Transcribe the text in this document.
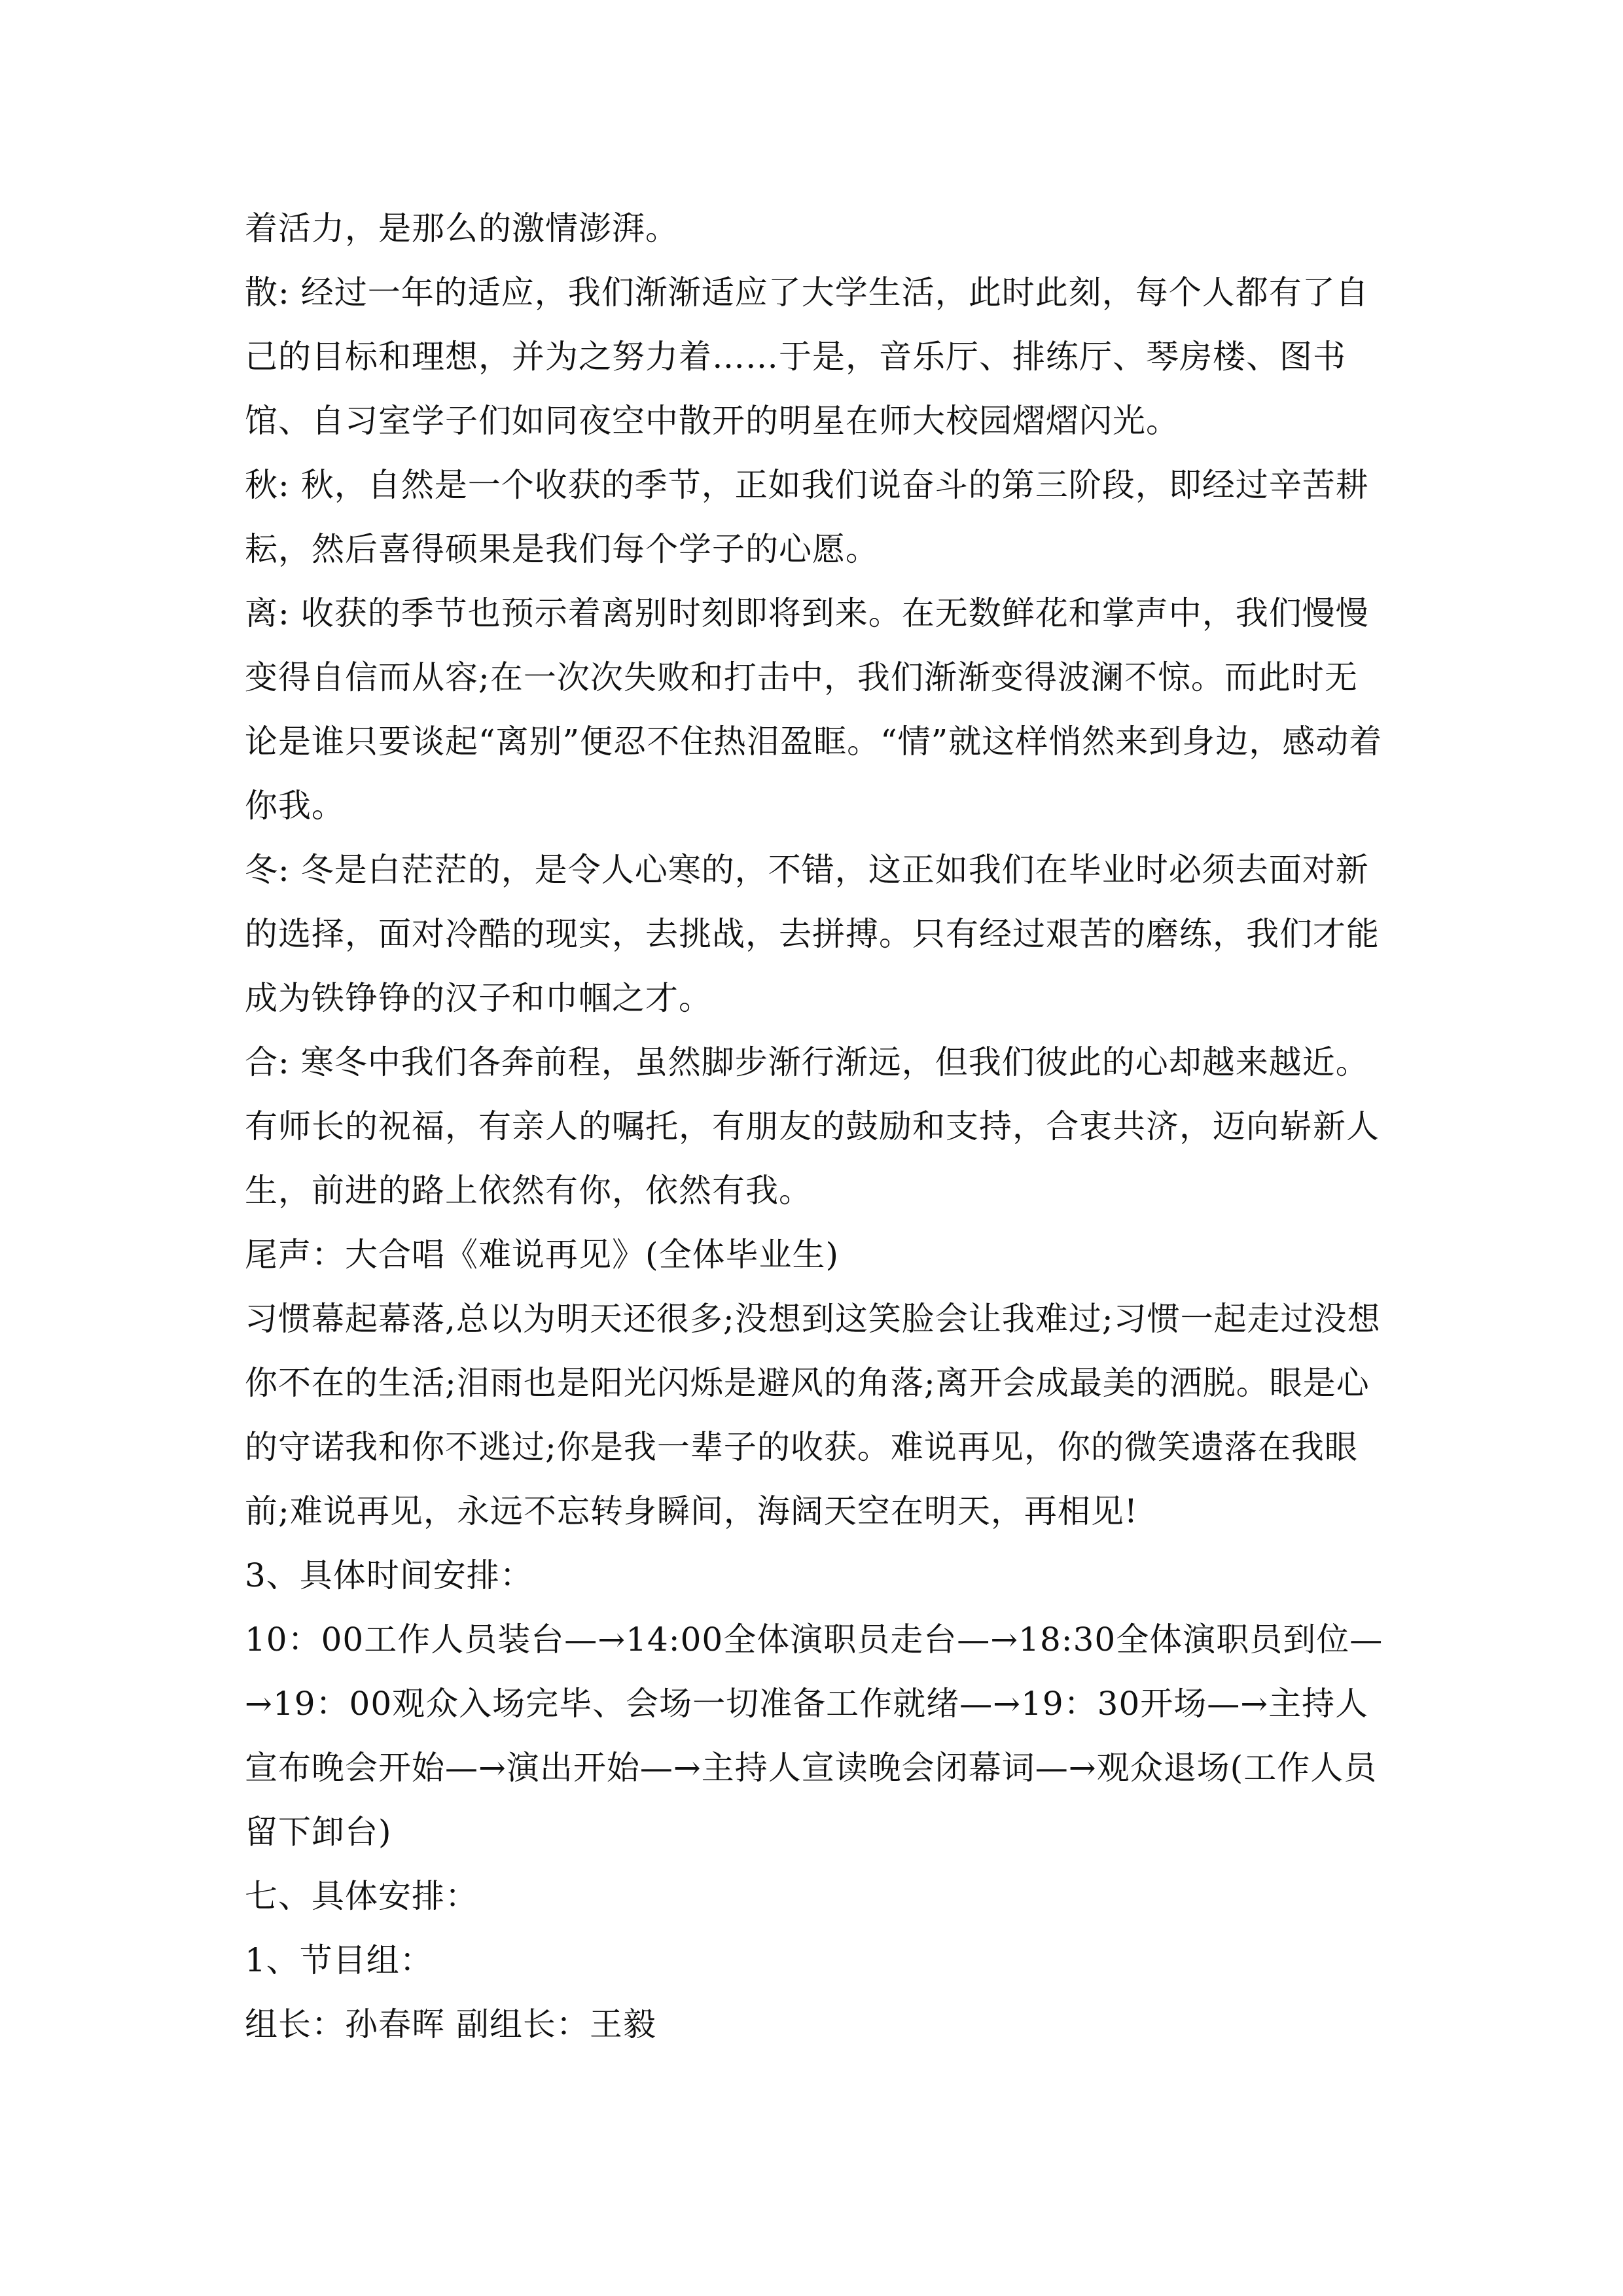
着活力，是那么的激情澎湃。

散: 经过一年的适应，我们渐渐适应了大学生活，此时此刻，每个人都有了自己的目标和理想，并为之努力着……于是，音乐厅、排练厅、琴房楼、图书馆、自习室学子们如同夜空中散开的明星在师大校园熠熠闪光。

秋: 秋，自然是一个收获的季节，正如我们说奋斗的第三阶段，即经过辛苦耕耘，然后喜得硕果是我们每个学子的心愿。

离: 收获的季节也预示着离别时刻即将到来。在无数鲜花和掌声中，我们慢慢变得自信而从容;在一次次失败和打击中，我们渐渐变得波澜不惊。而此时无论是谁只要谈起“离别”便忍不住热泪盈眶。“情”就这样悄然来到身边，感动着你我。

冬: 冬是白茫茫的，是令人心寒的，不错，这正如我们在毕业时必须去面对新的选择，面对冷酷的现实，去挑战，去拼搏。只有经过艰苦的磨练，我们才能成为铁铮铮的汉子和巾帼之才。

合: 寒冬中我们各奔前程，虽然脚步渐行渐远，但我们彼此的心却越来越近。有师长的祝福，有亲人的嘱托，有朋友的鼓励和支持，合衷共济，迈向崭新人生，前进的路上依然有你，依然有我。

尾声：大合唱《难说再见》(全体毕业生)

习惯幕起幕落,总以为明天还很多;没想到这笑脸会让我难过;习惯一起走过没想你不在的生活;泪雨也是阳光闪烁是避风的角落;离开会成最美的洒脱。眼是心的守诺我和你不逃过;你是我一辈子的收获。难说再见，你的微笑遗落在我眼前;难说再见，永远不忘转身瞬间，海阔天空在明天，再相见!

3、具体时间安排：

10：00工作人员装台—→14:00全体演职员走台—→18:30全体演职员到位—→19：00观众入场完毕、会场一切准备工作就绪—→19：30开场—→主持人宣布晚会开始—→演出开始—→主持人宣读晚会闭幕词—→观众退场(工作人员留下卸台)

七、具体安排：

1、节目组：

组长：孙春晖 副组长：王毅
